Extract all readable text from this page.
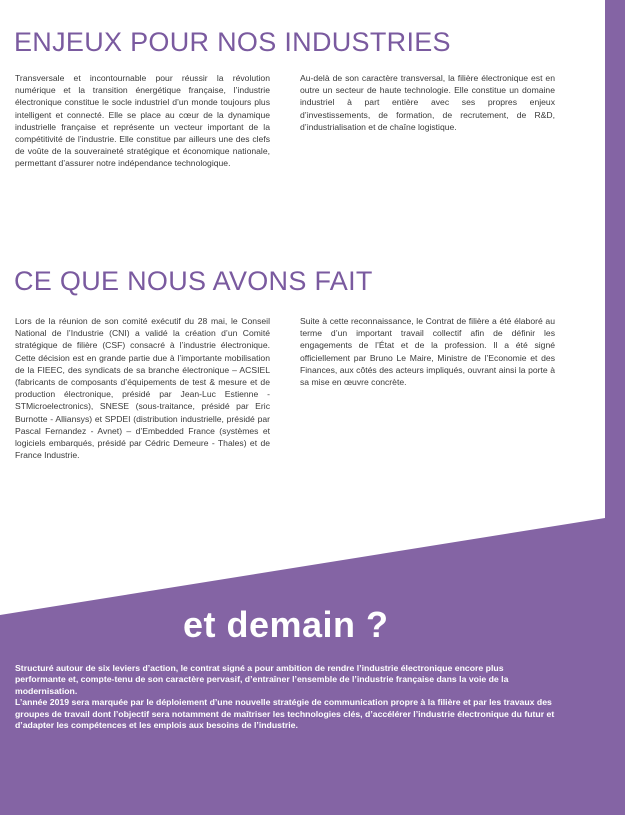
ENJEUX POUR NOS INDUSTRIES

Transversale et incontournable pour réussir la révolution numérique et la transition énergétique française, l’industrie électronique constitue le socle industriel d’un monde toujours plus intelligent et connecté. Elle se place au cœur de la dynamique industrielle française et représente un vecteur important de la compétitivité de l’industrie. Elle constitue par ailleurs une des clefs de voûte de la souveraineté stratégique et économique nationale, permettant d’assurer notre indépendance technologique.

Au-delà de son caractère transversal, la filière électronique est en outre un secteur de haute technologie. Elle constitue un domaine industriel à part entière avec ses propres enjeux d’investissements, de formation, de recrutement, de R&D, d’industrialisation et de chaîne logistique.

CE QUE NOUS AVONS FAIT

Lors de la réunion de son comité exécutif du 28 mai, le Conseil National de l’Industrie (CNI) a validé la création d’un Comité stratégique de filière (CSF) consacré à l’industrie électronique. Cette décision est en grande partie due à l’importante mobilisation de la FIEEC, des syndicats de sa branche électronique – ACSIEL (fabricants de composants d’équipements de test & mesure et de production électronique, présidé par Jean-Luc Estienne - STMicroelectronics), SNESE (sous-traitance, présidé par Eric Burnotte - Alliansys) et SPDEI (distribution industrielle, présidé par Pascal Fernandez - Avnet) – d’Embedded France (systèmes et logiciels embarqués, présidé par Cédric Demeure - Thales) et de France Industrie.

Suite à cette reconnaissance, le Contrat de filière a été élaboré au terme d’un important travail collectif afin de définir les engagements de l’État et de la profession. Il a été signé officiellement par Bruno Le Maire, Ministre de l’Economie et des Finances, aux côtés des acteurs impliqués, ouvrant ainsi la porte à sa mise en œuvre concrète.

et demain ?

Structuré autour de six leviers d’action, le contrat signé a pour ambition de rendre l’industrie électronique encore plus performante et, compte-tenu de son caractère pervasif, d’entraîner l’ensemble de l’industrie française dans la voie de la modernisation.

L’année 2019 sera marquée par le déploiement d’une nouvelle stratégie de communication propre à la filière et par les travaux des groupes de travail dont l’objectif sera notamment de maîtriser les technologies clés, d’accélérer l’industrie électronique du futur et d’adapter les compétences et les emplois aux besoins de l’industrie.
